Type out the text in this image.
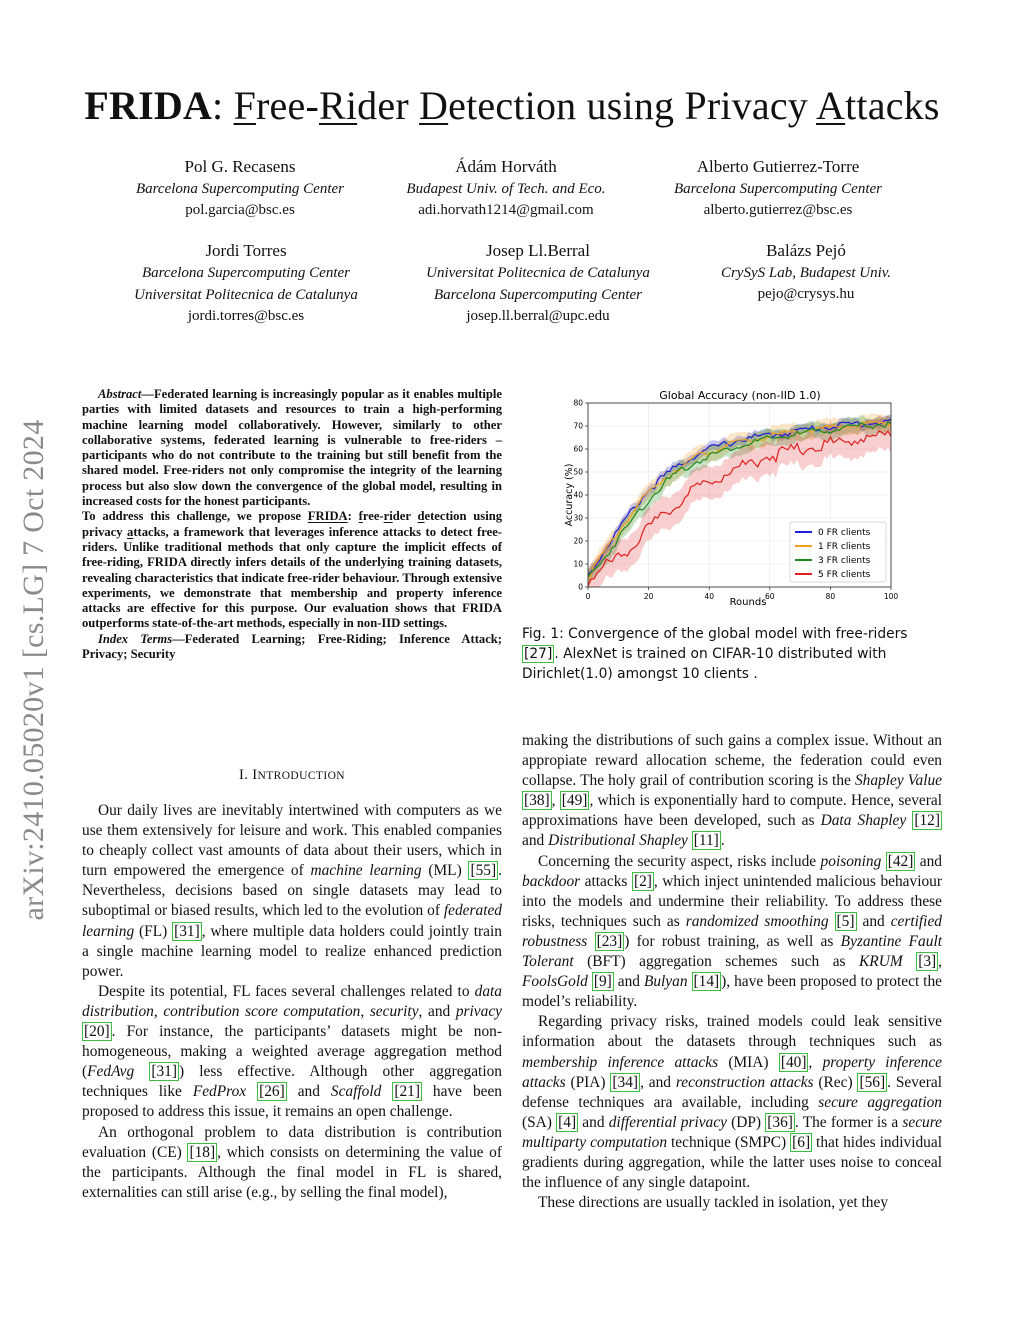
FRIDA: Free-Rider Detection using Privacy Attacks
Pol G. Recasens
Barcelona Supercomputing Center
pol.garcia@bsc.es
Ádám Horváth
Budapest Univ. of Tech. and Eco.
adi.horvath1214@gmail.com
Alberto Gutierrez-Torre
Barcelona Supercomputing Center
alberto.gutierrez@bsc.es
Jordi Torres
Barcelona Supercomputing Center
Universitat Politecnica de Catalunya
jordi.torres@bsc.es
Josep Ll.Berral
Universitat Politecnica de Catalunya
Barcelona Supercomputing Center
josep.ll.berral@upc.edu
Balázs Pejó
CrySyS Lab, Budapest Univ.
pejo@crysys.hu
arXiv:2410.05020v1 [cs.LG] 7 Oct 2024

Abstract—Federated learning is increasingly popular as it enables multiple parties with limited datasets and resources to train a high-performing machine learning model collaboratively. However, similarly to other collaborative systems, federated learning is vulnerable to free-riders – participants who do not contribute to the training but still benefit from the shared model. Free-riders not only compromise the integrity of the learning process but also slow down the convergence of the global model, resulting in increased costs for the honest participants.

To address this challenge, we propose FRIDA: free-rider detection using privacy attacks, a framework that leverages inference attacks to detect free-riders. Unlike traditional methods that only capture the implicit effects of free-riding, FRIDA directly infers details of the underlying training datasets, revealing characteristics that indicate free-rider behaviour. Through extensive experiments, we demonstrate that membership and property inference attacks are effective for this purpose. Our evaluation shows that FRIDA outperforms state-of-the-art methods, especially in non-IID settings.

Index Terms—Federated Learning; Free-Riding; Inference Attack; Privacy; Security

I. INTRODUCTION

Our daily lives are inevitably intertwined with computers as we use them extensively for leisure and work. This enabled companies to cheaply collect vast amounts of data about their users, which in turn empowered the emergence of machine learning (ML) [55] . Nevertheless, decisions based on single datasets may lead to suboptimal or biased results, which led to the evolution of federated learning (FL) [31] , where multiple data holders could jointly train a single machine learning model to realize enhanced prediction power.

Despite its potential, FL faces several challenges related to data distribution, contribution score computation, security, and privacy [20] . For instance, the participants’ datasets might be non-homogeneous, making a weighted average aggregation method (FedAvg [31] ) less effective. Although other aggregation techniques like FedProx [26] and Scaffold [21] have been proposed to address this issue, it remains an open challenge.

An orthogonal problem to data distribution is contribution evaluation (CE) [18] , which consists on determining the value of the participants. Although the final model in FL is shared, externalities can still arise (e.g., by selling the final model),

Global Accuracy (non-IID 1.0)
Rounds
Accuracy (%)
0	20	40	60	80	100
0
10
20
30
40
50
60
70
80
0 FR clients
1 FR clients
3 FR clients
5 FR clients
Fig. 1: Convergence of the global model with free-riders [27] . AlexNet is trained on CIFAR-10 distributed with Dirichlet(1.0) amongst 10 clients .

making the distributions of such gains a complex issue. Without an appropiate reward allocation scheme, the federation could even collapse. The holy grail of contribution scoring is the Shapley Value [38] , [49] , which is exponentially hard to compute. Hence, several approximations have been developed, such as Data Shapley [12] and Distributional Shapley [11] .

Concerning the security aspect, risks include poisoning [42] and backdoor attacks [2] , which inject unintended malicious behaviour into the models and undermine their reliability. To address these risks, techniques such as randomized smoothing [5] and certified robustness [23] ) for robust training, as well as Byzantine Fault Tolerant (BFT) aggregation schemes such as KRUM [3] , FoolsGold [9] and Bulyan [14] ), have been proposed to protect the model’s reliability.

Regarding privacy risks, trained models could leak sensitive information about the datasets through techniques such as membership inference attacks (MIA) [40] , property inference attacks (PIA) [34] , and reconstruction attacks (Rec) [56] . Several defense techniques ara available, including secure aggregation (SA) [4] and differential privacy (DP) [36] . The former is a secure multiparty computation technique (SMPC) [6] that hides individual gradients during aggregation, while the latter uses noise to conceal the influence of any single datapoint.

These directions are usually tackled in isolation, yet they
